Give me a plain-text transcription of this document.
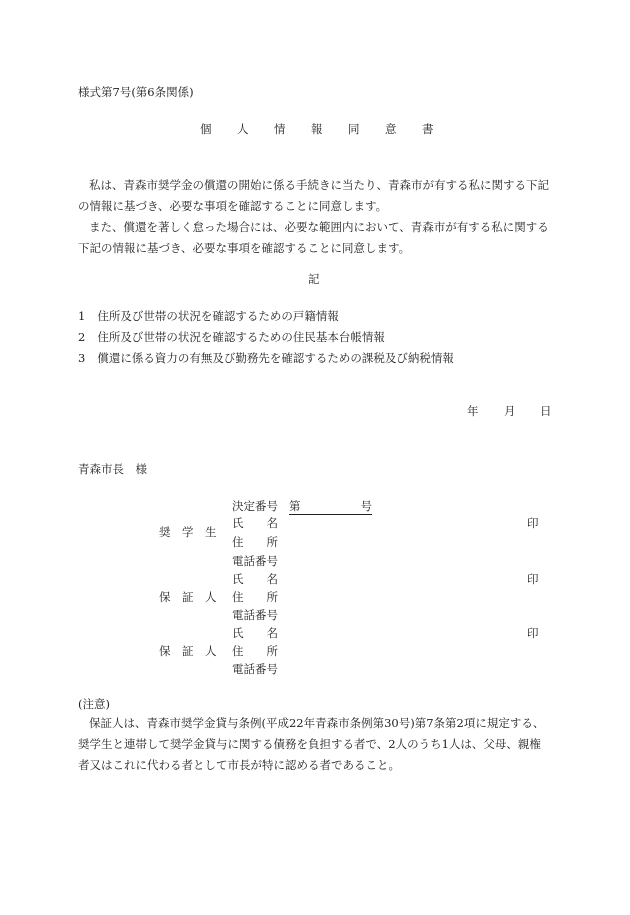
様式第7号(第6条関係)
個 人 情 報 同 意 書
私は、青森市奨学金の償還の開始に係る手続きに当たり、青森市が有する私に関する下記の情報に基づき、必要な事項を確認することに同意します。
また、償還を著しく怠った場合には、必要な範囲内において、青森市が有する私に関する下記の情報に基づき、必要な事項を確認することに同意します。
記
1 住所及び世帯の状況を確認するための戸籍情報
2 住所及び世帯の状況を確認するための住民基本台帳情報
3 償還に係る資力の有無及び勤務先を確認するための課税及び納税情報
年 月 日
青森市長　様
決定番号 第	号
奨　学　生
氏　　名	印
住　　所
電話番号
氏　　名	印
保　証　人 住　　所
電話番号
氏　　名	印
保　証　人 住　　所
電話番号
(注意)
保証人は、青森市奨学金貸与条例(平成22年青森市条例第30号)第7条第2項に規定する、奨学生と連帯して奨学金貸与に関する債務を負担する者で、2人のうち1人は、父母、親権者又はこれに代わる者として市長が特に認める者であること。
